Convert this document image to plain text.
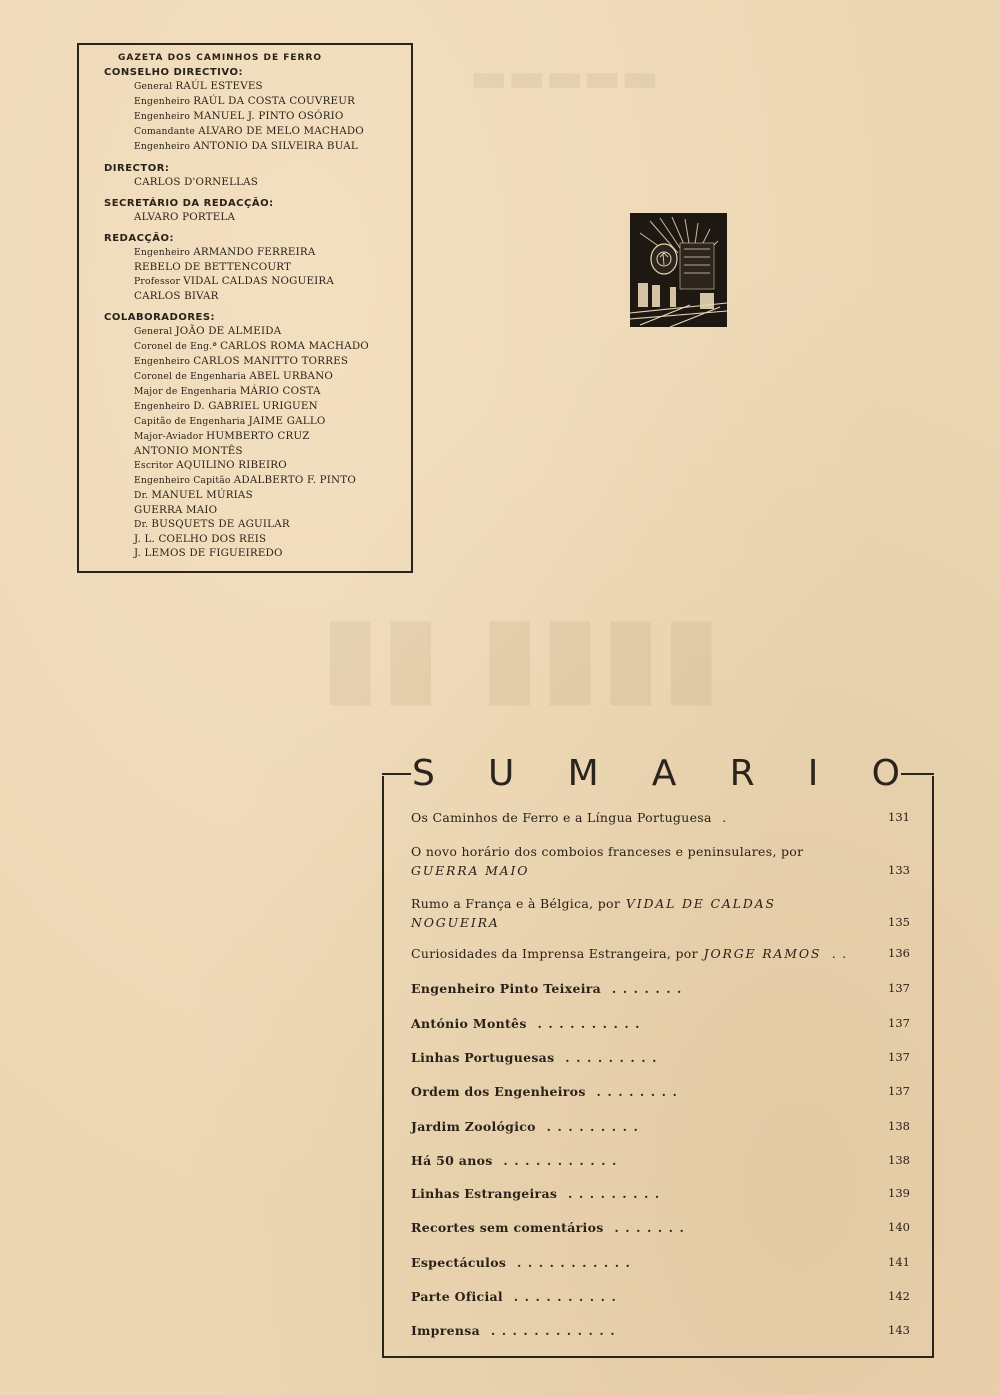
▬▬▬▬▬
▮▮ ▮▮▮▮
GAZETA DOS CAMINHOS DE FERRO
CONSELHO DIRECTIVO:
General RAÚL ESTEVES
Engenheiro RAÚL DA COSTA COUVREUR
Engenheiro MANUEL J. PINTO OSÓRIO
Comandante ALVARO DE MELO MACHADO
Engenheiro ANTONIO DA SILVEIRA BUAL
DIRECTOR:
CARLOS D'ORNELLAS
SECRETÁRIO DA REDACÇÃO:
ALVARO PORTELA
REDACÇÃO:
Engenheiro ARMANDO FERREIRA
REBELO DE BETTENCOURT
Professor VIDAL CALDAS NOGUEIRA
CARLOS BIVAR
COLABORADORES:
General JOÃO DE ALMEIDA
Coronel de Eng.ª CARLOS ROMA MACHADO
Engenheiro CARLOS MANITTO TORRES
Coronel de Engenharia ABEL URBANO
Major de Engenharia MÁRIO COSTA
Engenheiro D. GABRIEL URIGUEN
Capitão de Engenharia JAIME GALLO
Major-Aviador HUMBERTO CRUZ
ANTONIO MONTÊS
Escritor AQUILINO RIBEIRO
Engenheiro Capitão ADALBERTO F. PINTO
Dr. MANUEL MÚRIAS
GUERRA MAIO
Dr. BUSQUETS DE AGUILAR
J. L. COELHO DOS REIS
J. LEMOS DE FIGUEIREDO
S U M A R I O
Os Caminhos de Ferro e a Língua Portuguesa .	131
O novo horário dos comboios franceses e peninsulares, por GUERRA MAIO	133
Rumo a França e à Bélgica, por VIDAL DE CALDAS NOGUEIRA	135
Curiosidades da Imprensa Estrangeira, por JORGE RAMOS ..	136
Engenheiro Pinto Teixeira .......	137
António Montês ..........	137
Linhas Portuguesas .........	137
Ordem dos Engenheiros ........	137
Jardim Zoológico .........	138
Há 50 anos ...........	138
Linhas Estrangeiras .........	139
Recortes sem comentários .......	140
Espectáculos ...........	141
Parte Oficial ..........	142
Imprensa ............	143
